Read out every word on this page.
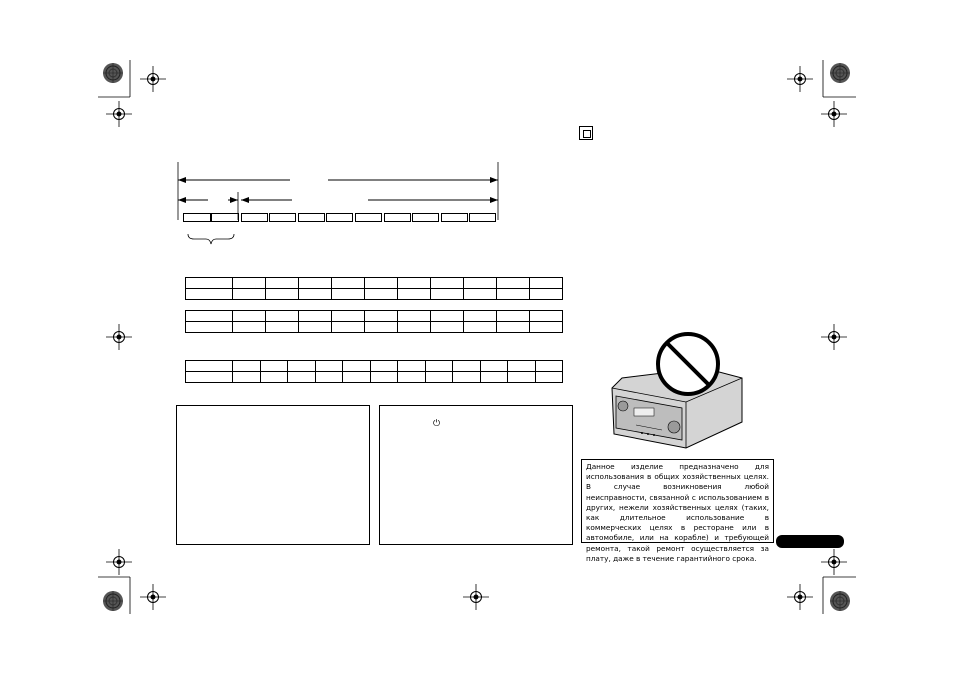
⏻
Данное изделие предназначено для использования в общих хозяйственных целях. В случае возникновения любой неисправности, связанной с использованием в других, нежели хозяйственных целях (таких, как длительное использование в коммерческих целях в ресторане или в автомобиле, или на корабле) и требующей ремонта, такой ремонт осуществляется за плату, даже в течение гарантийного срока.
